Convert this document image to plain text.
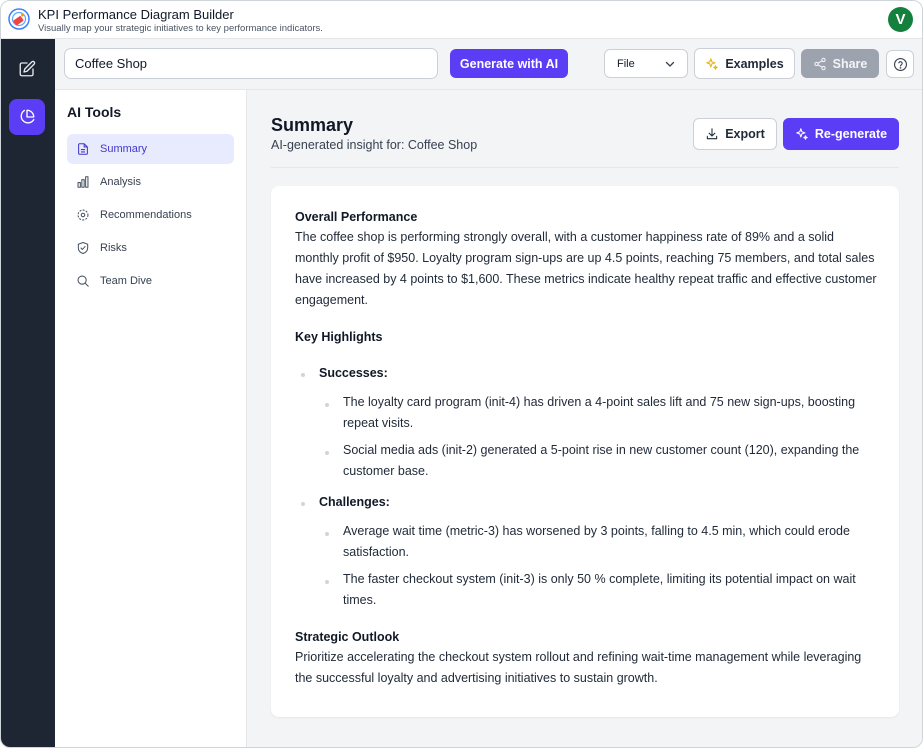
KPI Performance Diagram Builder
Visually map your strategic initiatives to key performance indicators.
V
Coffee Shop
Generate with AI	File	Examples	Share
AI Tools
Summary
Analysis
Recommendations
Risks
Team Dive
Summary
AI-generated insight for: Coffee Shop
Export	Re-generate
Overall Performance
The coffee shop is performing strongly overall, with a customer happiness rate of 89% and a solid monthly profit of $950. Loyalty program sign-ups are up 4.5 points, reaching 75 members, and total sales have increased by 4 points to $1,600. These metrics indicate healthy repeat traffic and effective customer engagement.
Key Highlights
Successes:
The loyalty card program (init-4) has driven a 4-point sales lift and 75 new sign-ups, boosting repeat visits.
Social media ads (init-2) generated a 5-point rise in new customer count (120), expanding the customer base.
Challenges:
Average wait time (metric-3) has worsened by 3 points, falling to 4.5 min, which could erode satisfaction.
The faster checkout system (init-3) is only 50 % complete, limiting its potential impact on wait times.
Strategic Outlook
Prioritize accelerating the checkout system rollout and refining wait-time management while leveraging the successful loyalty and advertising initiatives to sustain growth.
